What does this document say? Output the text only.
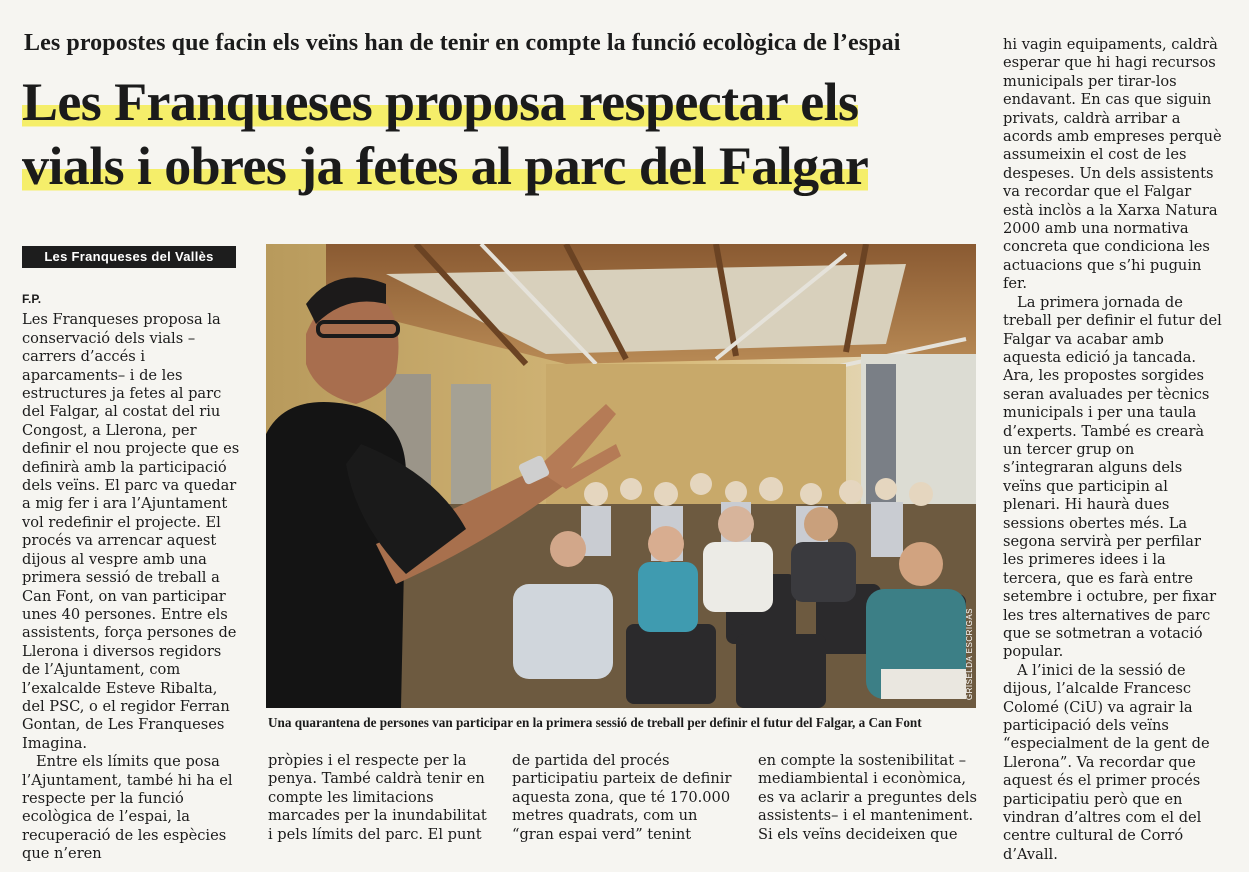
Les propostes que facin els veïns han de tenir en compte la funció ecològica de l’espai
Les Franqueses proposa respectar els
vials i obres ja fetes al parc del Falgar
Les Franqueses del Vallès

F.P.

Les Franqueses proposa la conservació dels vials –carrers d’accés i aparcaments– i de les estructures ja fetes al parc del Falgar, al costat del riu Congost, a Llerona, per definir el nou projecte que es definirà amb la participació dels veïns. El parc va quedar a mig fer i ara l’Ajuntament vol redefinir el projecte. El procés va arrencar aquest dijous al vespre amb una primera sessió de treball a Can Font, on van participar unes 40 persones. Entre els assistents, força persones de Llerona i diversos regidors de l’Ajuntament, com l’exalcalde Esteve Ribalta, del PSC, o el regidor Ferran Gontan, de Les Franqueses Imagina.

Entre els límits que posa l’Ajuntament, també hi ha el respecte per la funció ecològica de l’espai, la recuperació de les espècies que n’eren

GRISELDA ESCRIGAS
Una quarantena de persones van participar en la primera sessió de treball per definir el futur del Falgar, a Can Font

pròpies i el respecte per la penya. També caldrà tenir en compte les limitacions marcades per la inundabilitat i pels límits del parc. El punt

de partida del procés participatiu parteix de definir aquesta zona, que té 170.000 metres quadrats, com un “gran espai verd” tenint

en compte la sostenibilitat –mediambiental i econòmica, es va aclarir a preguntes dels assistents– i el manteniment. Si els veïns decideixen que

hi vagin equipaments, caldrà esperar que hi hagi recursos municipals per tirar-los endavant. En cas que siguin privats, caldrà arribar a acords amb empreses perquè assumeixin el cost de les despeses. Un dels assistents va recordar que el Falgar està inclòs a la Xarxa Natura 2000 amb una normativa concreta que condiciona les actuacions que s’hi puguin fer.

La primera jornada de treball per definir el futur del Falgar va acabar amb aquesta edició ja tancada. Ara, les propostes sorgides seran avaluades per tècnics municipals i per una taula d’experts. També es crearà un tercer grup on s’integraran alguns dels veïns que participin al plenari. Hi haurà dues sessions obertes més. La segona servirà per perfilar les primeres idees i la tercera, que es farà entre setembre i octubre, per fixar les tres alternatives de parc que se sotmetran a votació popular.

A l’inici de la sessió de dijous, l’alcalde Francesc Colomé (CiU) va agrair la participació dels veïns “especialment de la gent de Llerona”. Va recordar que aquest és el primer procés participatiu però que en vindran d’altres com el del centre cultural de Corró d’Avall.
